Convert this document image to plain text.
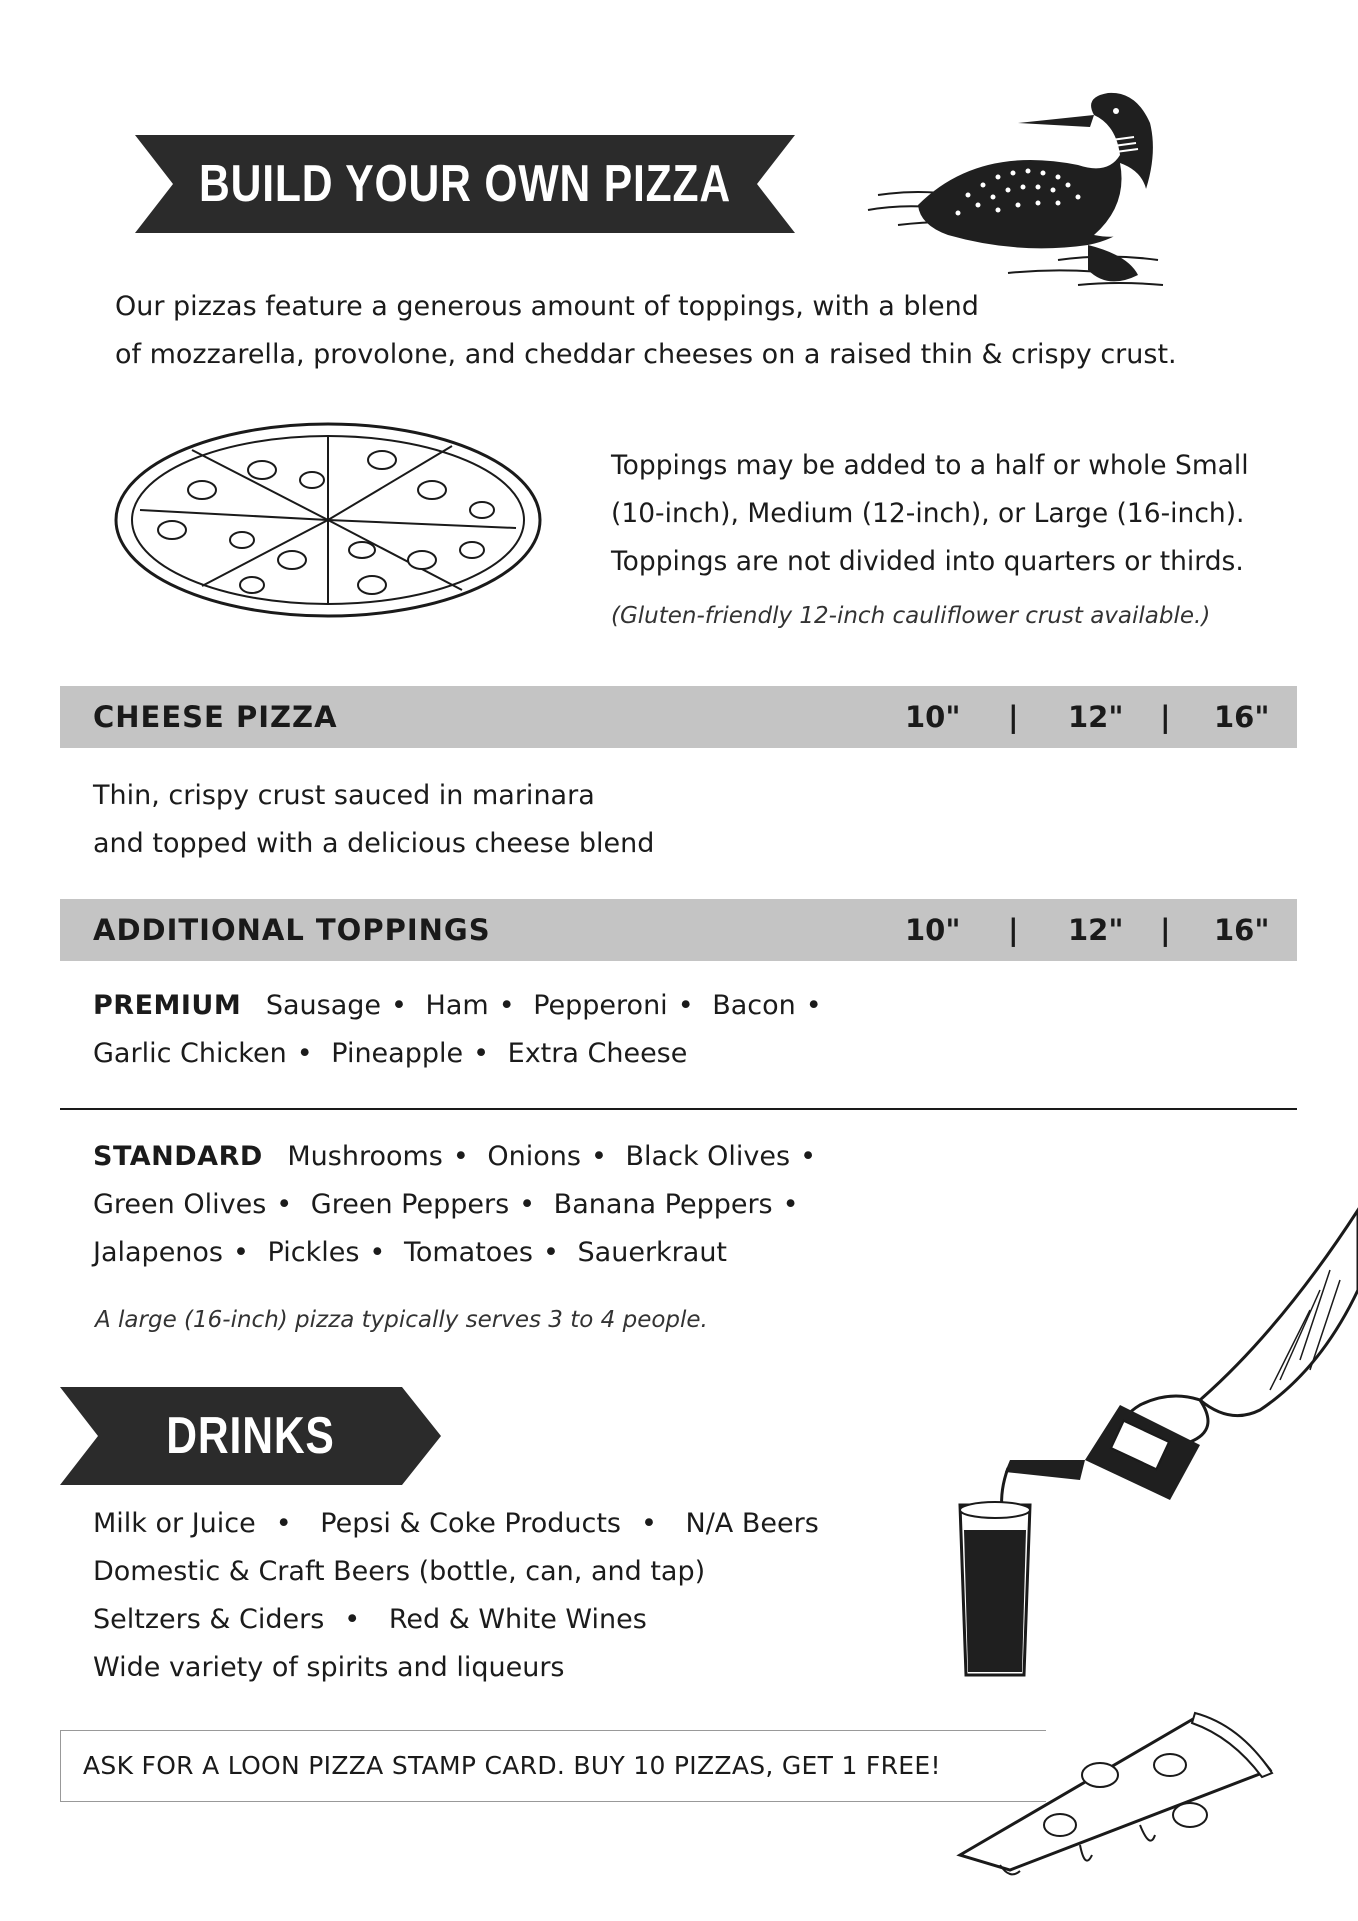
BUILD YOUR OWN PIZZA
Our pizzas feature a generous amount of toppings, with a blend
of mozzarella, provolone, and cheddar cheeses on a raised thin & crispy crust.
Toppings may be added to a half or whole Small
(10-inch), Medium (12-inch), or Large (16-inch).
Toppings are not divided into quarters or thirds.
(Gluten-friendly 12-inch cauliflower crust available.)
CHEESE PIZZA	10" | 12" | 16"
Thin, crispy crust sauced in marinara
and topped with a delicious cheese blend
ADDITIONAL TOPPINGS	10" | 12" | 16"
PREMIUM Sausage • Ham • Pepperoni • Bacon •
Garlic Chicken • Pineapple • Extra Cheese
STANDARD Mushrooms • Onions • Black Olives •
Green Olives • Green Peppers • Banana Peppers •
Jalapenos • Pickles • Tomatoes • Sauerkraut
A large (16-inch) pizza typically serves 3 to 4 people.
DRINKS
Milk or Juice • Pepsi & Coke Products • N/A Beers
Domestic & Craft Beers (bottle, can, and tap)
Seltzers & Ciders • Red & White Wines
Wide variety of spirits and liqueurs
ASK FOR A LOON PIZZA STAMP CARD. BUY 10 PIZZAS, GET 1 FREE!
